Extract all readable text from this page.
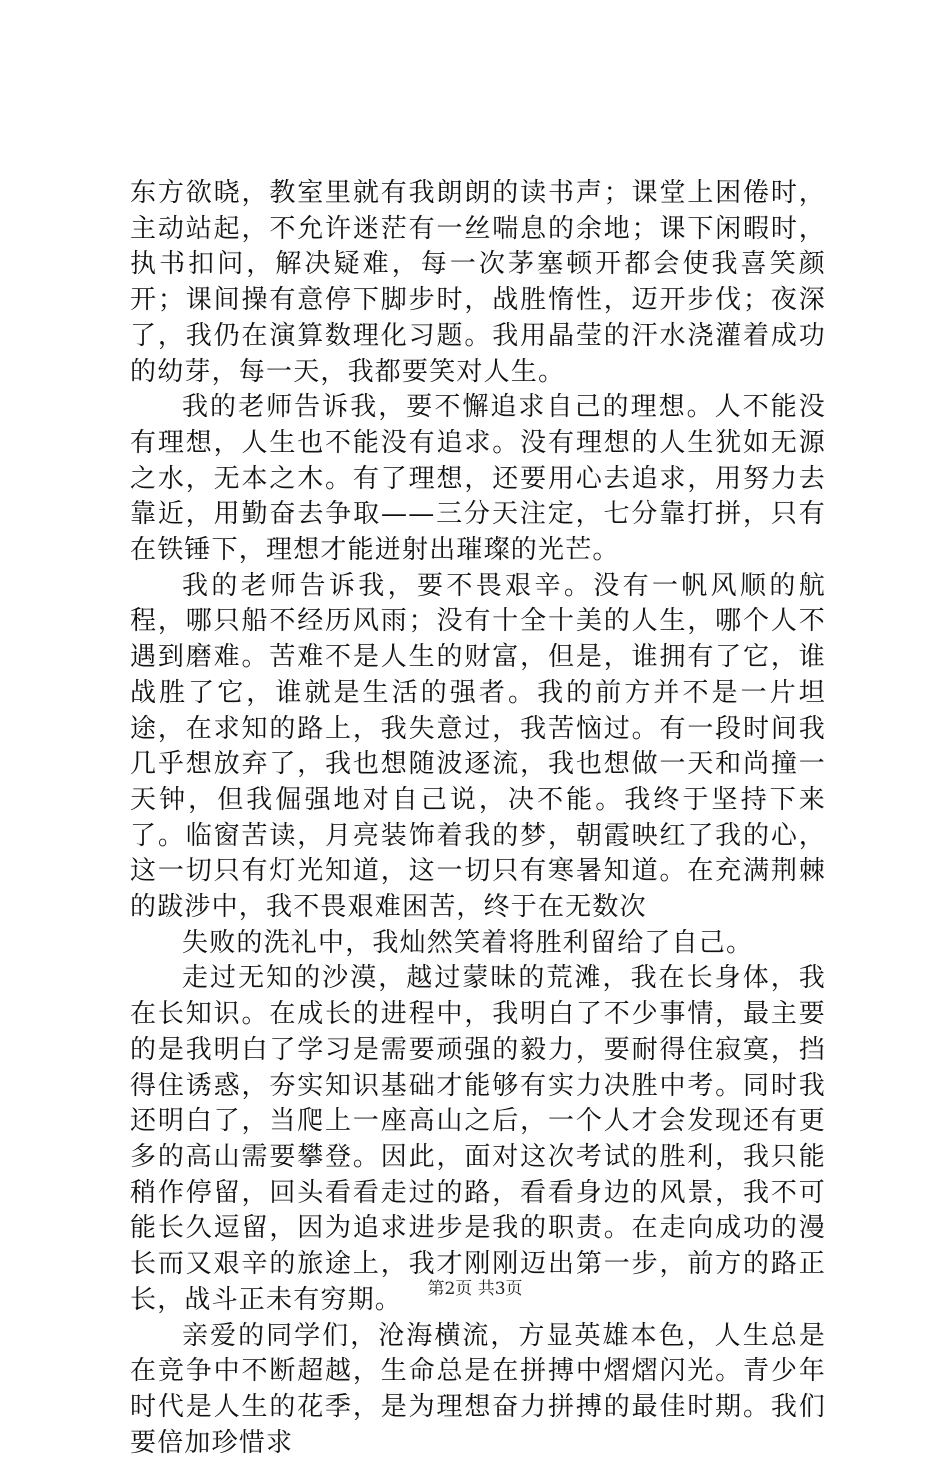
东方欲晓，教室里就有我朗朗的读书声；课堂上困倦时，主动站起，不允许迷茫有一丝喘息的余地；课下闲暇时，执书扣问，解决疑难，每一次茅塞顿开都会使我喜笑颜开；课间操有意停下脚步时，战胜惰性，迈开步伐；夜深了，我仍在演算数理化习题。我用晶莹的汗水浇灌着成功的幼芽，每一天，我都要笑对人生。

我的老师告诉我，要不懈追求自己的理想。人不能没有理想，人生也不能没有追求。没有理想的人生犹如无源之水，无本之木。有了理想，还要用心去追求，用努力去靠近，用勤奋去争取——三分天注定，七分靠打拼，只有在铁锤下，理想才能迸射出璀璨的光芒。

我的老师告诉我，要不畏艰辛。没有一帆风顺的航程，哪只船不经历风雨；没有十全十美的人生，哪个人不遇到磨难。苦难不是人生的财富，但是，谁拥有了它，谁战胜了它，谁就是生活的强者。我的前方并不是一片坦途，在求知的路上，我失意过，我苦恼过。有一段时间我几乎想放弃了，我也想随波逐流，我也想做一天和尚撞一天钟，但我倔强地对自己说，决不能。我终于坚持下来了。临窗苦读，月亮装饰着我的梦，朝霞映红了我的心，这一切只有灯光知道，这一切只有寒暑知道。在充满荆棘的跋涉中，我不畏艰难困苦，终于在无数次

失败的洗礼中，我灿然笑着将胜利留给了自己。

走过无知的沙漠，越过蒙昧的荒滩，我在长身体，我在长知识。在成长的进程中，我明白了不少事情，最主要的是我明白了学习是需要顽强的毅力，要耐得住寂寞，挡得住诱惑，夯实知识基础才能够有实力决胜中考。同时我还明白了，当爬上一座高山之后，一个人才会发现还有更多的高山需要攀登。因此，面对这次考试的胜利，我只能稍作停留，回头看看走过的路，看看身边的风景，我不可能长久逗留，因为追求进步是我的职责。在走向成功的漫长而又艰辛的旅途上，我才刚刚迈出第一步，前方的路正长，战斗正未有穷期。

亲爱的同学们，沧海横流，方显英雄本色，人生总是在竞争中不断超越，生命总是在拼搏中熠熠闪光。青少年时代是人生的花季，是为理想奋力拼搏的最佳时期。我们要倍加珍惜求

第2页 共3页
